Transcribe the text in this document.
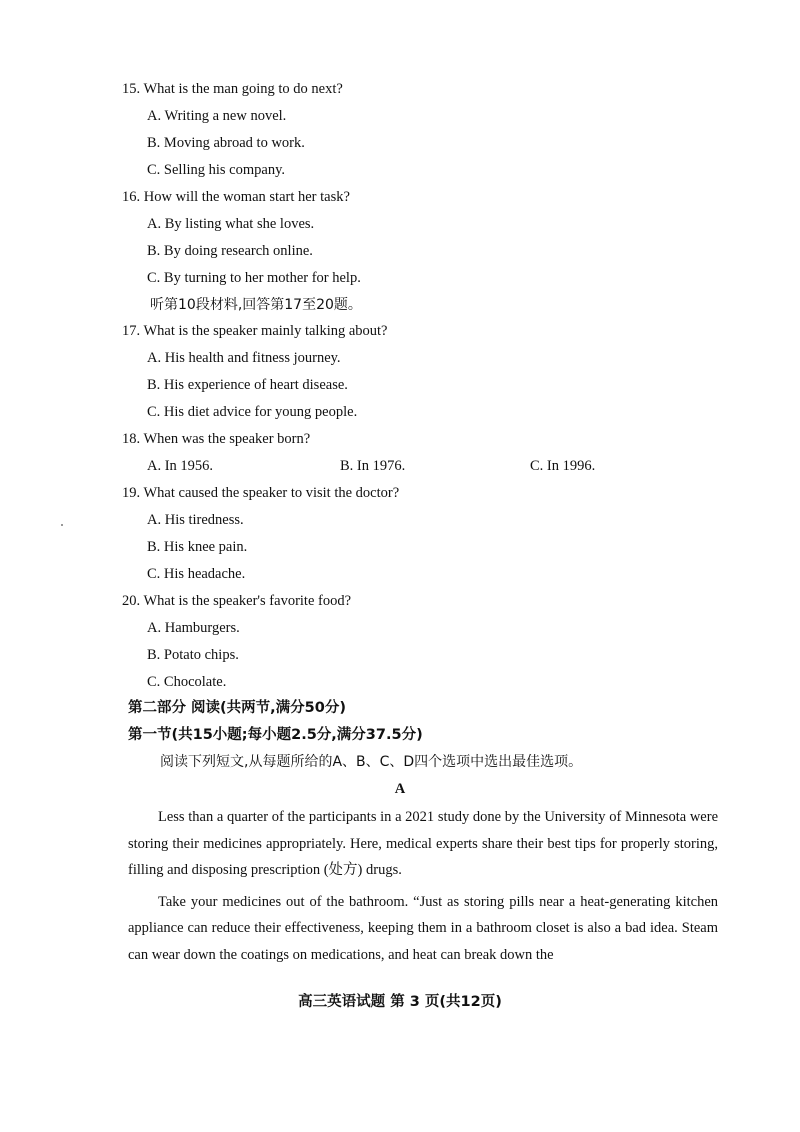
15. What is the man going to do next?
A. Writing a new novel.
B. Moving abroad to work.
C. Selling his company.
16. How will the woman start her task?
A. By listing what she loves.
B. By doing research online.
C. By turning to her mother for help.
听第10段材料,回答第17至20题。
17. What is the speaker mainly talking about?
A. His health and fitness journey.
B. His experience of heart disease.
C. His diet advice for young people.
18. When was the speaker born?
A. In 1956.	B. In 1976.	C. In 1996.
19. What caused the speaker to visit the doctor?
A. His tiredness.
B. His knee pain.
C. His headache.
20. What is the speaker's favorite food?
A. Hamburgers.
B. Potato chips.
C. Chocolate.
第二部分 阅读(共两节,满分50分)
第一节(共15小题;每小题2.5分,满分37.5分)
阅读下列短文,从每题所给的A、B、C、D四个选项中选出最佳选项。
A

Less than a quarter of the participants in a 2021 study done by the University of Minnesota were storing their medicines appropriately. Here, medical experts share their best tips for properly storing, filling and disposing prescription (处方) drugs.

Take your medicines out of the bathroom. “Just as storing pills near a heat-generating kitchen appliance can reduce their effectiveness, keeping them in a bathroom closet is also a bad idea. Steam can wear down the coatings on medications, and heat can break down the

高三英语试题 第 3 页(共12页)
